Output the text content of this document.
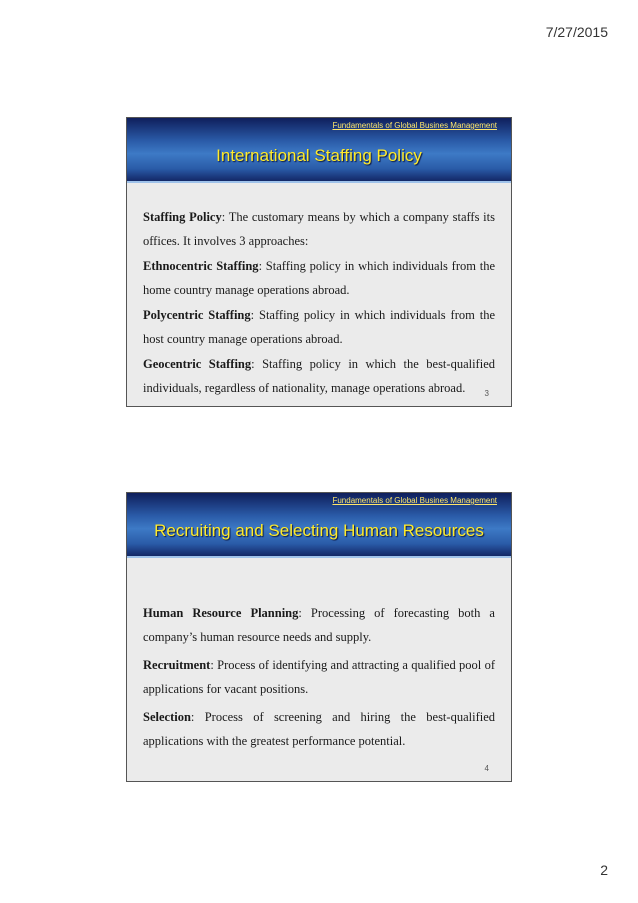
7/27/2015
Fundamentals of Global Busines Management
International Staffing Policy

Staffing Policy: The customary means by which a company staffs its offices. It involves 3 approaches:

Ethnocentric Staffing: Staffing policy in which individuals from the home country manage operations abroad.

Polycentric Staffing: Staffing policy in which individuals from the host country manage operations abroad.

Geocentric Staffing: Staffing policy in which the best-qualified individuals, regardless of nationality, manage operations abroad.	3
Fundamentals of Global Busines Management
Recruiting and Selecting Human Resources

Human Resource Planning: Processing of forecasting both a company’s human resource needs and supply.

Recruitment: Process of identifying and attracting a qualified pool of applications for vacant positions.

Selection: Process of screening and hiring the best-qualified applications with the greatest performance potential.

4
2
